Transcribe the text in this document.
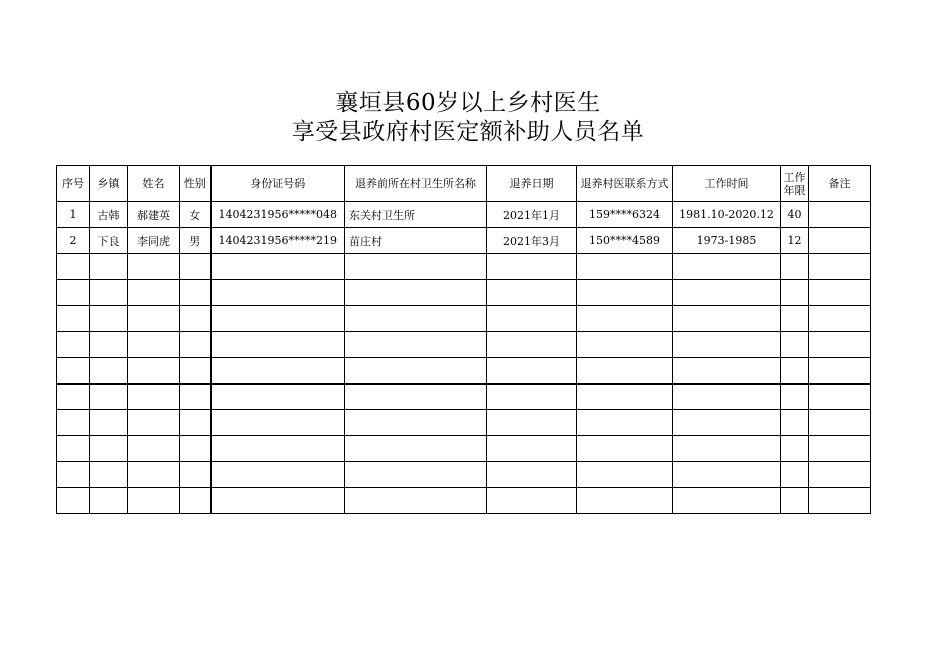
襄垣县60岁以上乡村医生
享受县政府村医定额补助人员名单
序号	乡镇	姓名	性别	身份证号码	退养前所在村卫生所名称	退养日期	退养村医联系方式	工作时间	工作年限	备注
1	古韩	郝建英	女	1404231956*****048	东关村卫生所	2021年1月	159****6324	1981.10-2020.12	40	
2	下良	李同虎	男	1404231956*****219	苗庄村	2021年3月	150****4589	1973-1985	12	
